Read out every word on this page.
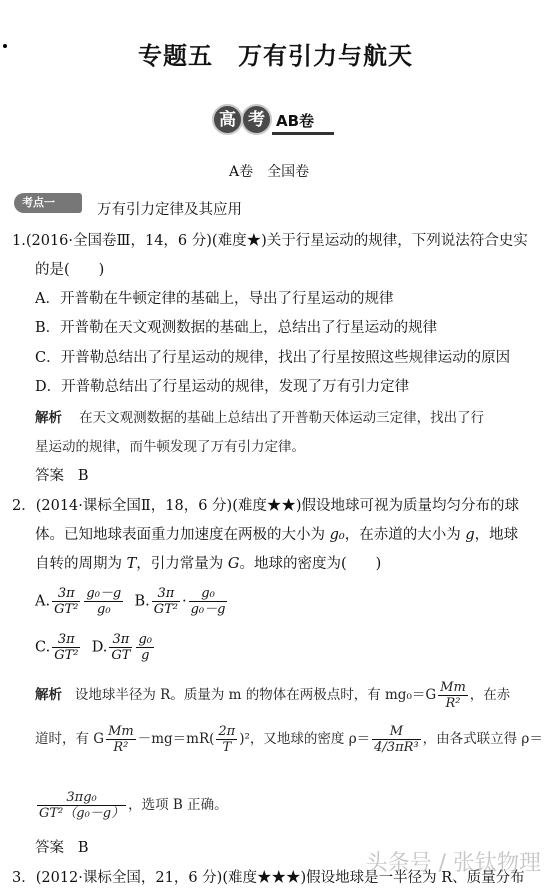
专题五　万有引力与航天
高 考 AB卷
A卷　全国卷
考点一	万有引力定律及其应用
1.(2016·全国卷Ⅲ，14，6 分)(难度★)关于行星运动的规律，下列说法符合史实
的是(　　)
A．开普勒在牛顿定律的基础上，导出了行星运动的规律
B．开普勒在天文观测数据的基础上，总结出了行星运动的规律
C．开普勒总结出了行星运动的规律，找出了行星按照这些规律运动的原因
D．开普勒总结出了行星运动的规律，发现了万有引力定律
解析 在天文观测数据的基础上总结出了开普勒天体运动三定律，找出了行
星运动的规律，而牛顿发现了万有引力定律。
答案 B
2．(2014·课标全国Ⅱ，18，6 分)(难度★★)假设地球可视为质量均匀分布的球
体。已知地球表面重力加速度在两极的大小为 g₀，在赤道的大小为 g，地球
自转的周期为 T，引力常量为 G。地球的密度为(　　)
A. $\frac{3\pi}{\text{GT²}} \frac{\text{g₀－g}}{\text{g₀}} B$. $\frac{3\pi}{\text{GT²}} \cdot \frac{\text{g₀}}{\text{g₀－g}}$
C. $\frac{3\pi}{\text{GT²}} D$. $\frac{3\pi}{GT} \frac{\text{g₀}}{g}$
解析 设地球半径为 R。质量为 m 的物体在两极点时，有 $mg_0=G \frac{Mm}{\text{R²}}$ ，在赤
道时，有 G $\frac{Mm}{\text{R²}} -mg=mR( \frac{2\pi}{T} )^2$，又地球的密度 $\rho= \frac{M}{\text{4/3πR³}}$ ，由各式联立得 ρ＝
$\frac{\text{3πg₀}}{\text{GT²（g₀－g）}}$ ，选项 B 正确。
答案 B
3．(2012·课标全国，21，6 分)(难度★★★)假设地球是一半径为 R、质量分布
头条号 / 张钛物理
